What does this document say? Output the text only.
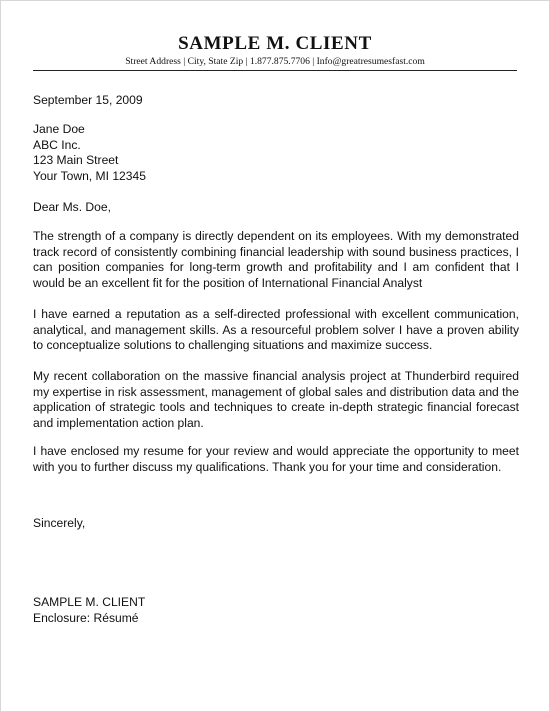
SAMPLE M. CLIENT
Street Address | City, State Zip | 1.877.875.7706 | Info@greatresumesfast.com
September 15, 2009
Jane Doe
ABC Inc.
123 Main Street
Your Town, MI 12345
Dear Ms. Doe,
The strength of a company is directly dependent on its employees. With my demonstrated track record of consistently combining financial leadership with sound business practices, I can position companies for long-term growth and profitability and I am confident that I would be an excellent fit for the position of International Financial Analyst
I have earned a reputation as a self-directed professional with excellent communication, analytical, and management skills. As a resourceful problem solver I have a proven ability to conceptualize solutions to challenging situations and maximize success.
My recent collaboration on the massive financial analysis project at Thunderbird required my expertise in risk assessment, management of global sales and distribution data and the application of strategic tools and techniques to create in-depth strategic financial forecast and implementation action plan.
I have enclosed my resume for your review and would appreciate the opportunity to meet with you to further discuss my qualifications. Thank you for your time and consideration.
Sincerely,
SAMPLE M. CLIENT
Enclosure: Résumé
